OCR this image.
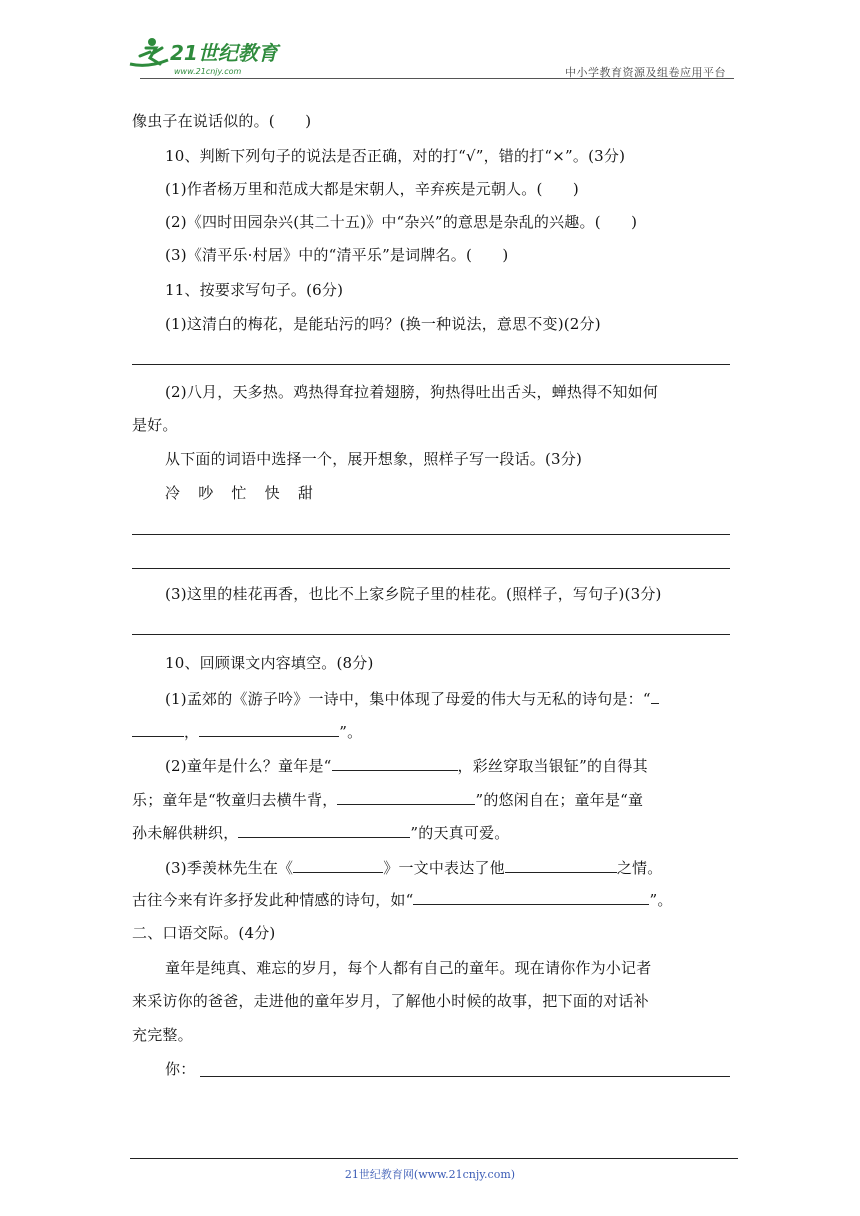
21世纪教育
www.21cnjy.com	中小学教育资源及组卷应用平台
像虫子在说话似的。(　　)
10、判断下列句子的说法是否正确，对的打“√”，错的打“×”。(3分)
(1)作者杨万里和范成大都是宋朝人，辛弃疾是元朝人。(　　)
(2)《四时田园杂兴(其二十五)》中“杂兴”的意思是杂乱的兴趣。(　　)
(3)《清平乐·村居》中的“清平乐”是词牌名。(　　)
11、按要求写句子。(6分)
(1)这清白的梅花，是能玷污的吗？(换一种说法，意思不变)(2分)
(2)八月，天多热。鸡热得耷拉着翅膀，狗热得吐出舌头，蝉热得不知如何
是好。
从下面的词语中选择一个，展开想象，照样子写一段话。(3分)
冷 吵 忙 快 甜
(3)这里的桂花再香，也比不上家乡院子里的桂花。(照样子，写句子)(3分)
10、回顾课文内容填空。(8分)
(1)孟郊的《游子吟》一诗中，集中体现了母爱的伟大与无私的诗句是：“
，	”。
(2)童年是什么？童年是“	，彩丝穿取当银钲”的自得其
乐；童年是“牧童归去横牛背，	”的悠闲自在；童年是“童
孙未解供耕织，	”的天真可爱。
(3)季羡林先生在《	》一文中表达了他	之情。
古往今来有许多抒发此种情感的诗句，如“	”。
二、口语交际。(4分)
童年是纯真、难忘的岁月，每个人都有自己的童年。现在请你作为小记者
来采访你的爸爸，走进他的童年岁月，了解他小时候的故事，把下面的对话补
充完整。
你：
21世纪教育网(www.21cnjy.com)
